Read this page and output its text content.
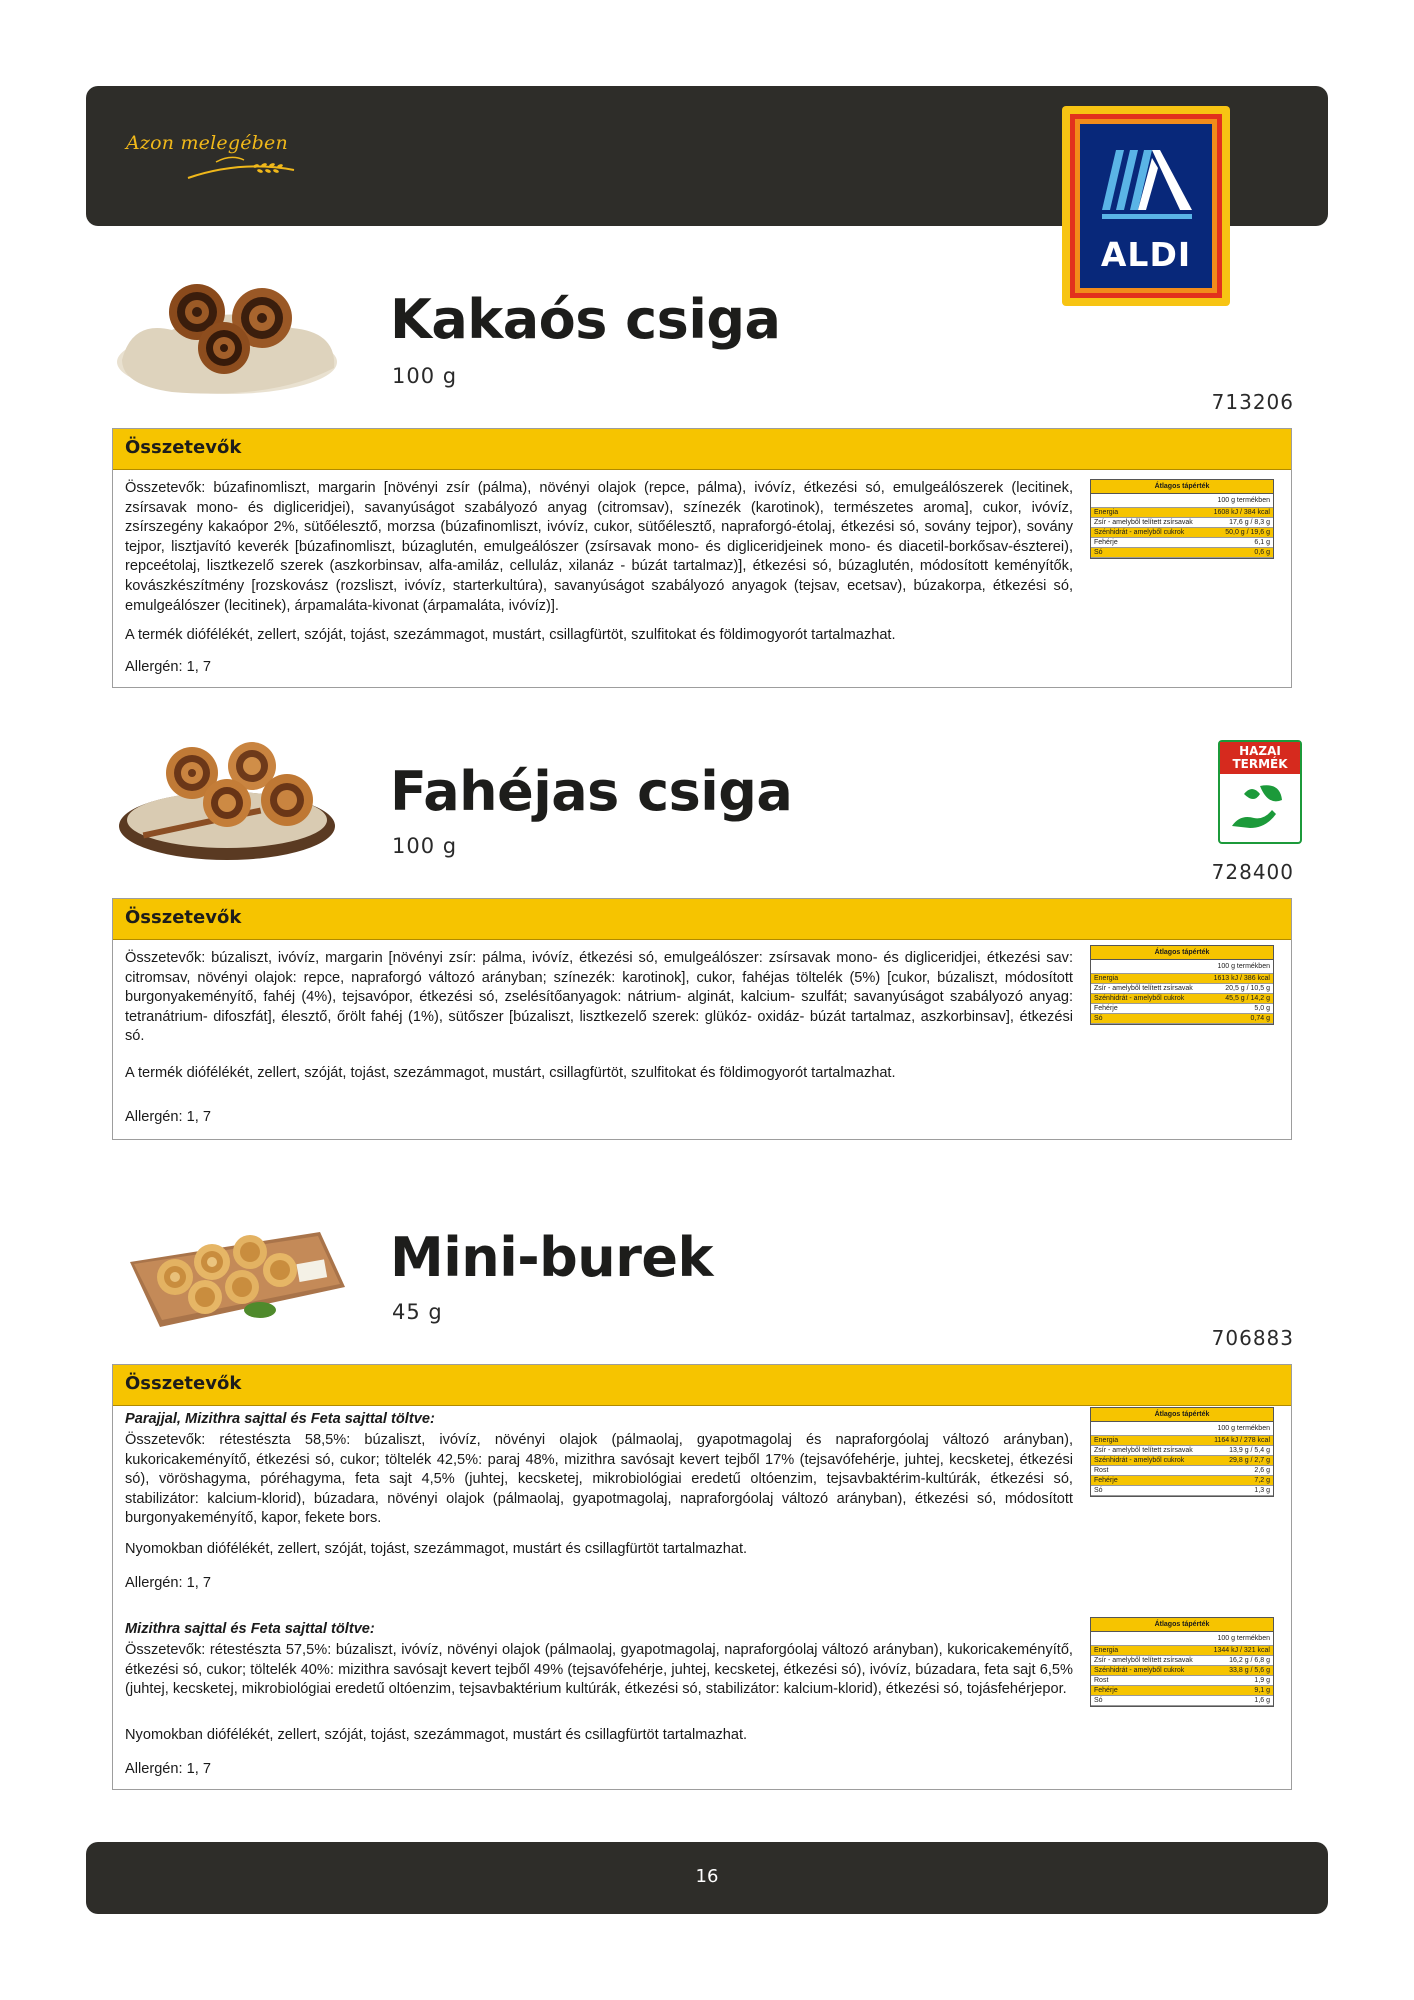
Azon melegében
ALDI
Kakaós csiga
100 g
713206
Összetevők
Összetevők: búzafinomliszt, margarin [növényi zsír (pálma), növényi olajok (repce, pálma), ivóvíz, étkezési só, emulgeálószerek (lecitinek, zsírsavak mono- és digliceridjei), savanyúságot szabályozó anyag (citromsav), színezék (karotinok), természetes aroma], cukor, ivóvíz, zsírszegény kakaópor 2%, sütőélesztő, morzsa (búzafinomliszt, ivóvíz, cukor, sütőélesztő, napraforgó-étolaj, étkezési só, sovány tejpor), sovány tejpor, lisztjavító keverék [búzafinomliszt, búzaglutén, emulgeálószer (zsírsavak mono- és digliceridjeinek mono- és diacetil-borkősav-észterei), repceétolaj, lisztkezelő szerek (aszkorbinsav, alfa-amiláz, celluláz, xilanáz - búzát tartalmaz)], étkezési só, búzaglutén, módosított keményítők, kovászkészítmény [rozskovász (rozsliszt, ivóvíz, starterkultúra), savanyúságot szabályozó anyagok (tejsav, ecetsav), búzakorpa, étkezési só, emulgeálószer (lecitinek), árpamaláta-kivonat (árpamaláta, ivóvíz)].
A termék diófélékét, zellert, szóját, tojást, szezámmagot, mustárt, csillagfürtöt, szulfitokat és földimogyorót tartalmazhat.
Allergén: 1, 7
Átlagos tápérték
100 g termékben
Energia	1608 kJ / 384 kcal
Zsír - amelyből telített zsírsavak	17,6 g / 8,3 g
Szénhidrát - amelyből cukrok	50,0 g / 19,6 g
Fehérje	6,1 g
Só	0,6 g
Fahéjas csiga
100 g
728400
HAZAI TERMÉK
Összetevők
Összetevők: búzaliszt, ivóvíz, margarin [növényi zsír: pálma, ivóvíz, étkezési só, emulgeálószer: zsírsavak mono- és digliceridjei, étkezési sav: citromsav, növényi olajok: repce, napraforgó változó arányban; színezék: karotinok], cukor, fahéjas töltelék (5%) [cukor, búzaliszt, módosított burgonyakeményítő, fahéj (4%), tejsavópor, étkezési só, zselésítőanyagok: nátrium- alginát, kalcium- szulfát; savanyúságot szabályozó anyag: tetranátrium- difoszfát], élesztő, őrölt fahéj (1%), sütőszer [búzaliszt, lisztkezelő szerek: glükóz- oxidáz- búzát tartalmaz, aszkorbinsav], étkezési só.
A termék diófélékét, zellert, szóját, tojást, szezámmagot, mustárt, csillagfürtöt, szulfitokat és földimogyorót tartalmazhat.
Allergén: 1, 7
Átlagos tápérték
100 g termékben
Energia	1613 kJ / 386 kcal
Zsír - amelyből telített zsírsavak	20,5 g / 10,5 g
Szénhidrát - amelyből cukrok	45,5 g / 14,2 g
Fehérje	5,0 g
Só	0,74 g
Mini-burek
45 g
706883
Összetevők
Parajjal, Mizithra sajttal és Feta sajttal töltve:
Összetevők: rétestészta 58,5%: búzaliszt, ivóvíz, növényi olajok (pálmaolaj, gyapotmagolaj és napraforgóolaj változó arányban), kukoricakeményítő, étkezési só, cukor; töltelék 42,5%: paraj 48%, mizithra savósajt kevert tejből 17% (tejsavófehérje, juhtej, kecsketej, étkezési só), vöröshagyma, póréhagyma, feta sajt 4,5% (juhtej, kecsketej, mikrobiológiai eredetű oltóenzim, tejsavbaktérim-kultúrák, étkezési só, stabilizátor: kalcium-klorid), búzadara, növényi olajok (pálmaolaj, gyapotmagolaj, napraforgóolaj változó arányban), étkezési só, módosított burgonyakeményítő, kapor, fekete bors.
Nyomokban diófélékét, zellert, szóját, tojást, szezámmagot, mustárt és csillagfürtöt tartalmazhat.
Allergén: 1, 7
Átlagos tápérték
100 g termékben
Energia	1164 kJ / 278 kcal
Zsír - amelyből telített zsírsavak	13,9 g / 5,4 g
Szénhidrát - amelyből cukrok	29,8 g / 2,7 g
Rost	2,6 g
Fehérje	7,2 g
Só	1,3 g
Mizithra sajttal és Feta sajttal töltve:
Összetevők: rétestészta 57,5%: búzaliszt, ivóvíz, növényi olajok (pálmaolaj, gyapotmagolaj, napraforgóolaj változó arányban), kukoricakeményítő, étkezési só, cukor; töltelék 40%: mizithra savósajt kevert tejből 49% (tejsavófehérje, juhtej, kecsketej, étkezési só), ivóvíz, búzadara, feta sajt 6,5% (juhtej, kecsketej, mikrobiológiai eredetű oltóenzim, tejsavbaktérium kultúrák, étkezési só, stabilizátor: kalcium-klorid), étkezési só, tojásfehérjepor.
Nyomokban diófélékét, zellert, szóját, tojást, szezámmagot, mustárt és csillagfürtöt tartalmazhat.
Allergén: 1, 7
Átlagos tápérték
100 g termékben
Energia	1344 kJ / 321 kcal
Zsír - amelyből telített zsírsavak	16,2 g / 6,8 g
Szénhidrát - amelyből cukrok	33,8 g / 5,6 g
Rost	1,9 g
Fehérje	9,1 g
Só	1,6 g
16
